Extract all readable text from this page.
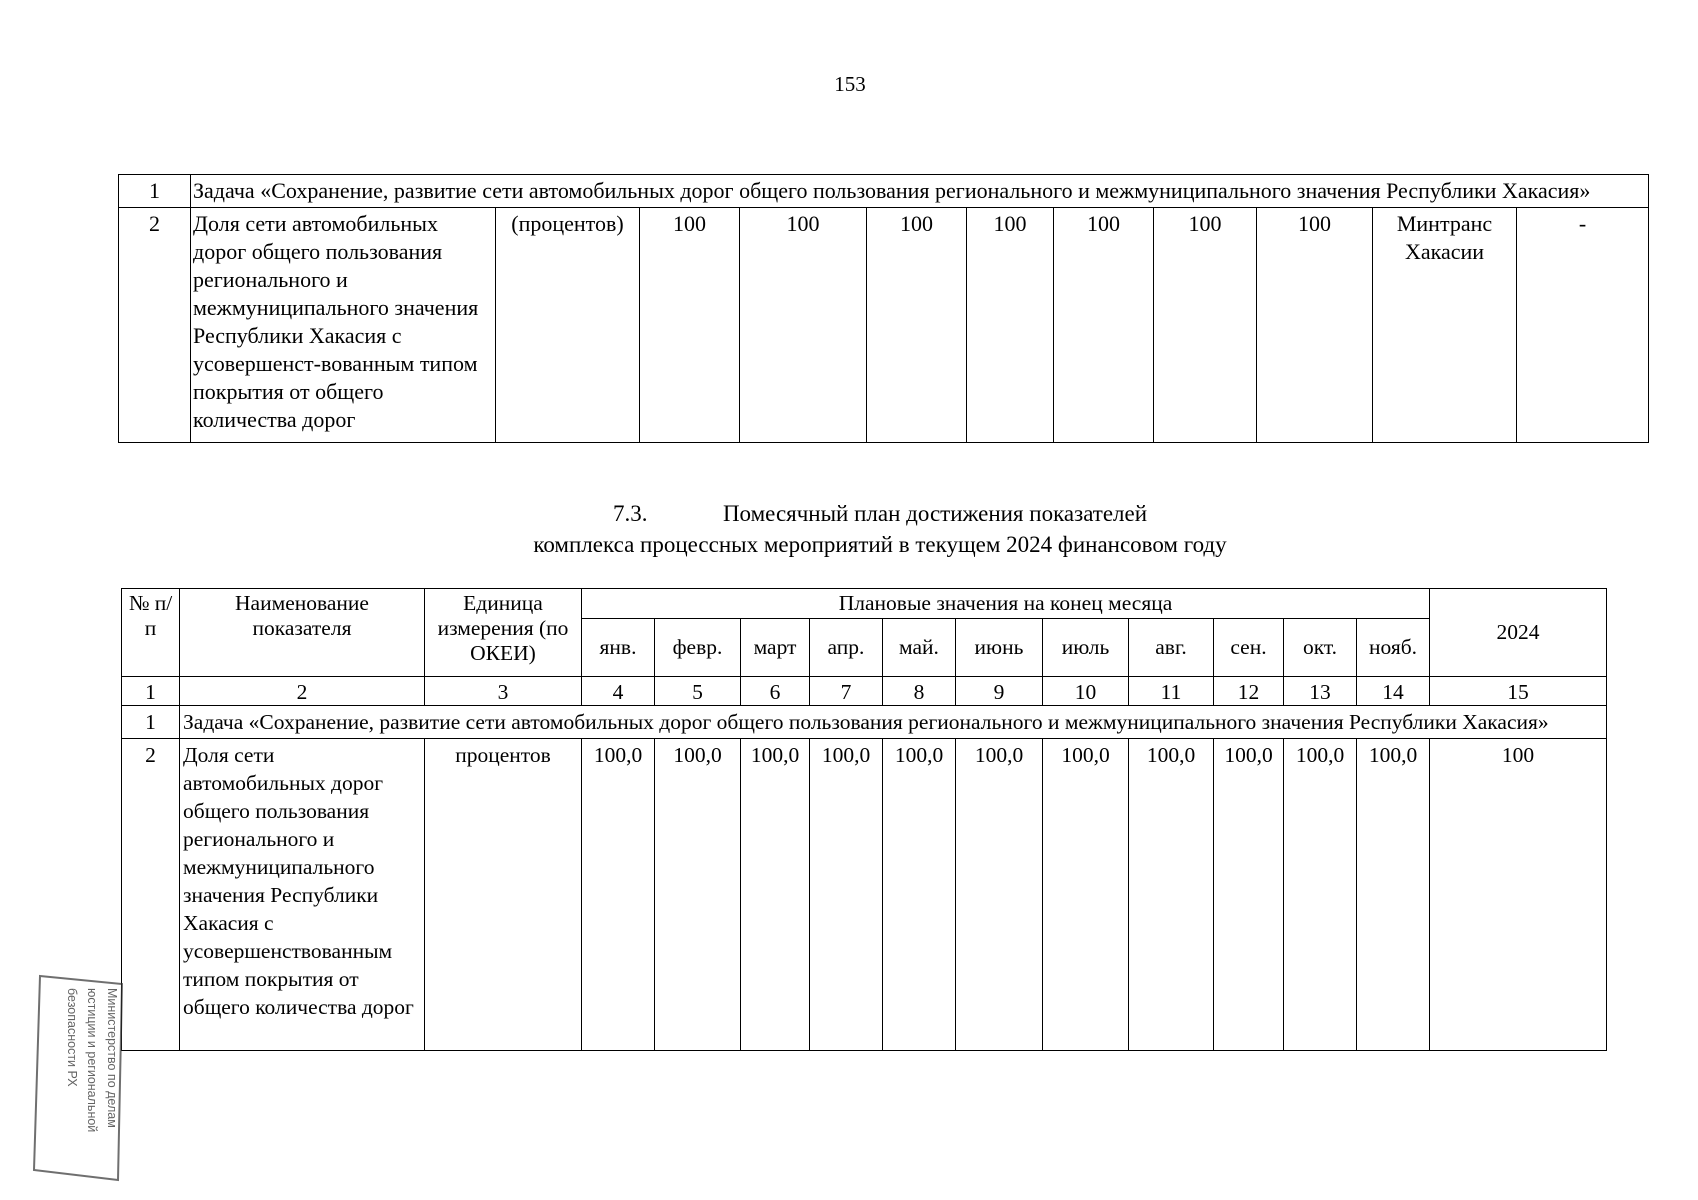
153
1	Задача «Сохранение, развитие сети автомобильных дорог общего пользования регионального и межмуниципального значения Республики Хакасия»										
2	Доля сети автомобильных дорог общего пользования регионального и межмуниципального значения Республики Хакасия с усовершенст-вованным типом покрытия от общего количества дорог	(процентов)	100	100	100	100	100	100	100	Минтранс Хакасии	-
7.3.	Помесячный план достижения показателей
комплекса процессных мероприятий в текущем 2024 финансовом году
№ п/п	Наименование показателя	Единица измерения (по ОКЕИ)	Плановые значения на конец месяца											2024
			янв.	февр.	март	апр.	май.	июнь	июль	авг.	сен.	окт.	нояб.	
1	2	3	4	5	6	7	8	9	10	11	12	13	14	15
1	Задача «Сохранение, развитие сети автомобильных дорог общего пользования регионального и межмуниципального значения Республики Хакасия»													
2	Доля сети автомобильных дорог общего пользования регионального и межмуниципального значения Республики Хакасия с усовершенствованным типом покрытия от общего количества дорог	процентов	100,0	100,0	100,0	100,0	100,0	100,0	100,0	100,0	100,0	100,0	100,0	100
Министерство по делам
юстиции и региональной
безопасности РХ
